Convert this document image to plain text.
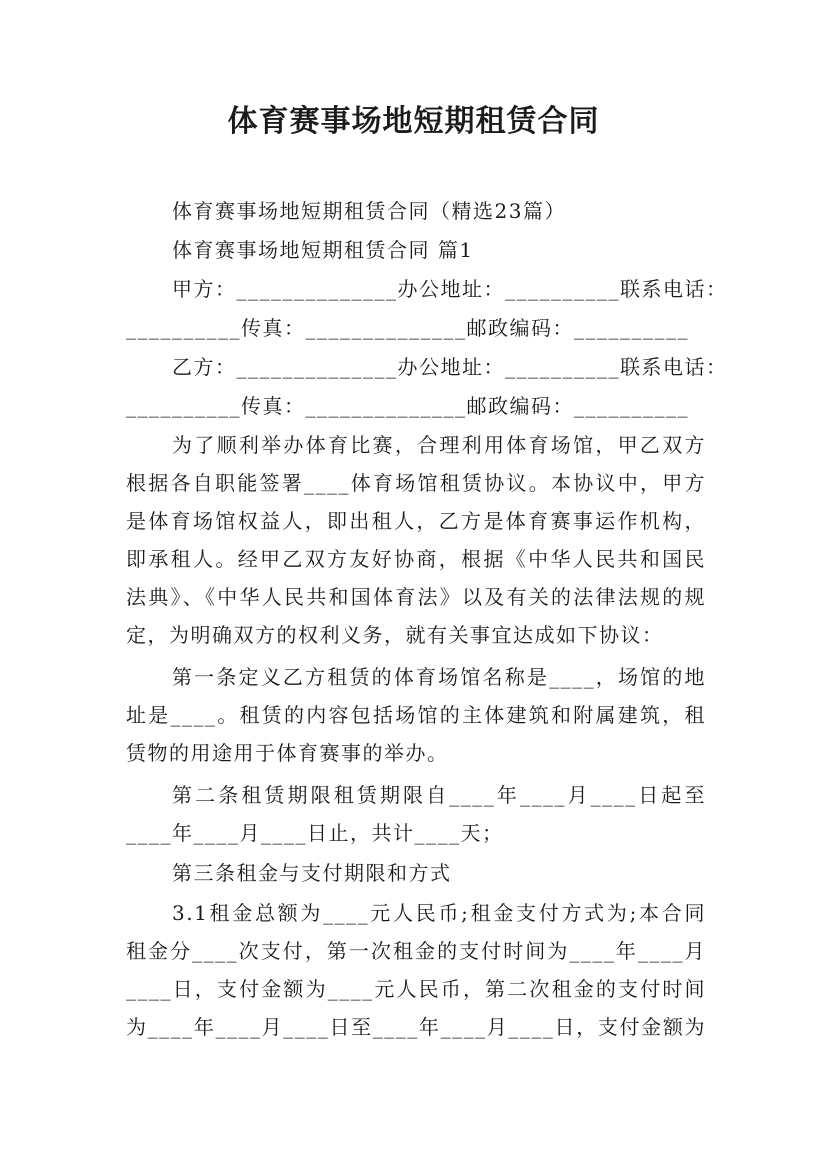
体育赛事场地短期租赁合同

体育赛事场地短期租赁合同（精选23篇）

体育赛事场地短期租赁合同 篇1

甲方：______________办公地址：__________联系电话：

__________传真：______________邮政编码：__________

乙方：______________办公地址：__________联系电话：

__________传真：______________邮政编码：__________

为了顺利举办体育比赛，合理利用体育场馆，甲乙双方

根据各自职能签署____体育场馆租赁协议。本协议中，甲方

是体育场馆权益人，即出租人，乙方是体育赛事运作机构，

即承租人。经甲乙双方友好协商，根据《中华人民共和国民

法典》、《中华人民共和国体育法》以及有关的法律法规的规

定，为明确双方的权利义务，就有关事宜达成如下协议：

第一条定义乙方租赁的体育场馆名称是____，场馆的地

址是____。租赁的内容包括场馆的主体建筑和附属建筑，租

赁物的用途用于体育赛事的举办。

第二条租赁期限租赁期限自____年____月____日起至

____年____月____日止，共计____天；

第三条租金与支付期限和方式

3.1租金总额为____元人民币;租金支付方式为;本合同

租金分____次支付，第一次租金的支付时间为____年____月

____日，支付金额为____元人民币，第二次租金的支付时间

为____年____月____日至____年____月____日，支付金额为
